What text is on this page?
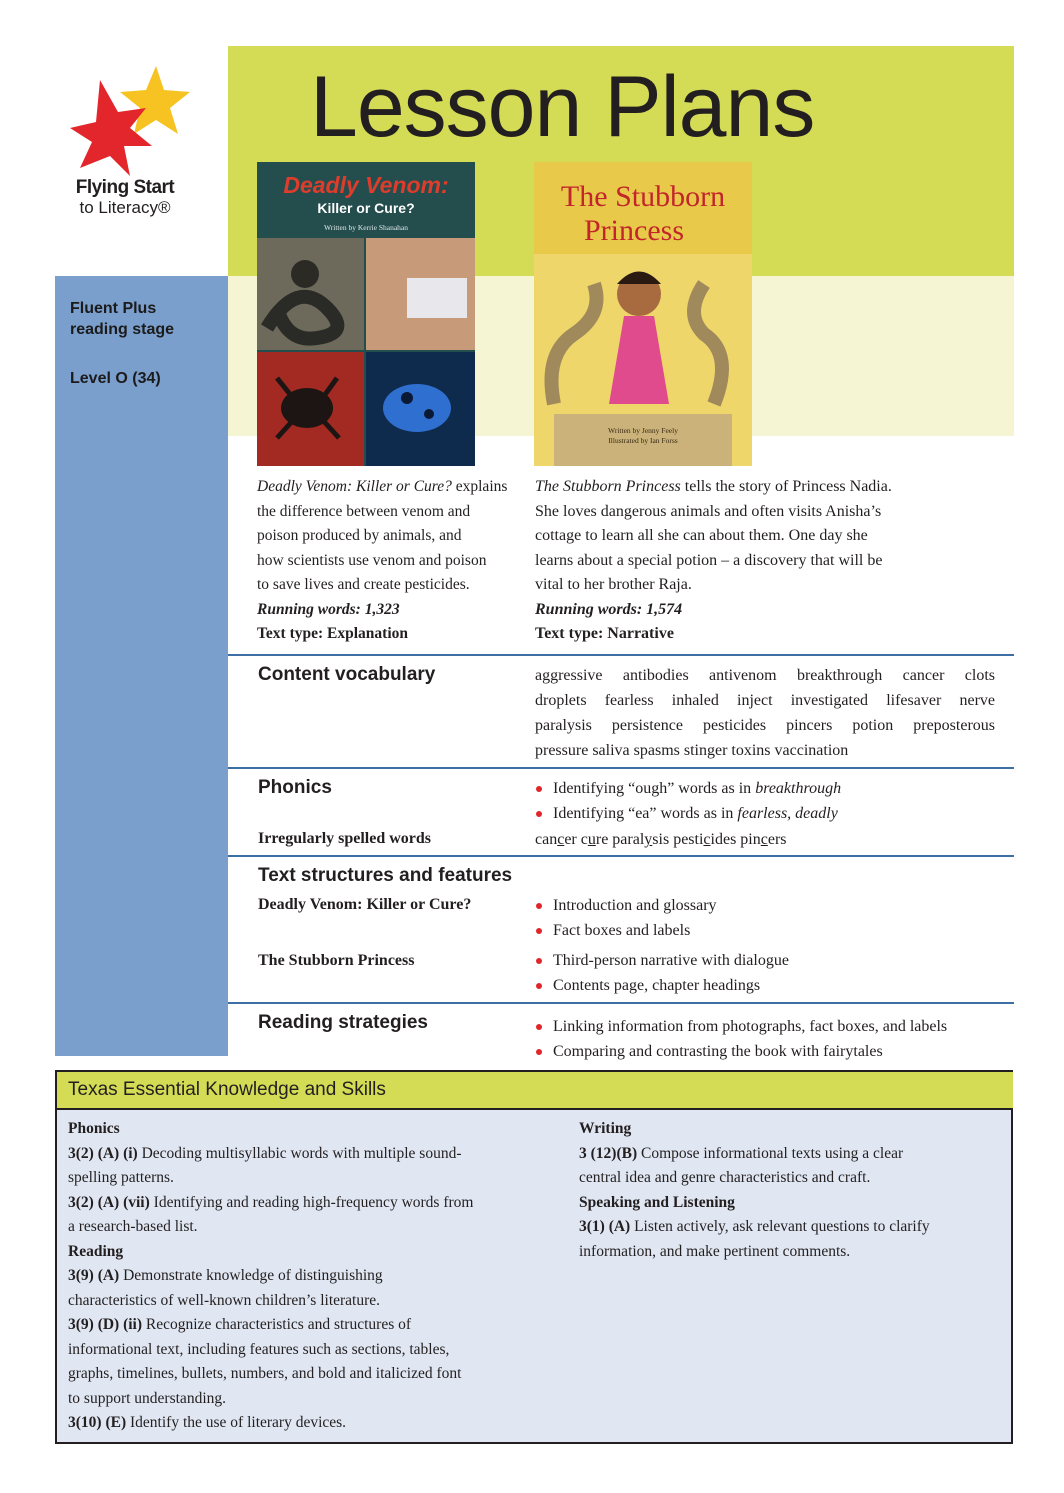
Lesson Plans
Flying Start
to Literacy®
Fluent Plus reading stage
Level O (34)
Deadly Venom:
Killer or Cure?
Written by Kerrie Shanahan
The Stubborn
Princess
Written by Jenny Feely
Illustrated by Ian Forss
Deadly Venom: Killer or Cure? explains
the difference between venom and
poison produced by animals, and
how scientists use venom and poison
to save lives and create pesticides.
Running words: 1,323
Text type: Explanation
The Stubborn Princess tells the story of Princess Nadia.
She loves dangerous animals and often visits Anisha’s
cottage to learn all she can about them. One day she
learns about a special potion – a discovery that will be
vital to her brother Raja.
Running words: 1,574
Text type: Narrative
Content vocabulary	aggressive antibodies antivenom breakthrough cancer clots
droplets fearless inhaled inject investigated lifesaver nerve
paralysis persistence pesticides pincers potion preposterous
pressure saliva spasms stinger toxins vaccination
Phonics	Identifying “ough” words as in breakthrough
Identifying “ea” words as in fearless, deadly
Irregularly spelled words	cancer cure paralysis pesticides pincers
Text structures and features
Deadly Venom: Killer or Cure?	Introduction and glossary
Fact boxes and labels
The Stubborn Princess	Third-person narrative with dialogue
Contents page, chapter headings
Reading strategies	Linking information from photographs, fact boxes, and labels
Comparing and contrasting the book with fairytales
Texas Essential Knowledge and Skills
Phonics
3(2) (A) (i) Decoding multisyllabic words with multiple sound-
spelling patterns.
3(2) (A) (vii) Identifying and reading high-frequency words from
a research-based list.
Reading
3(9) (A) Demonstrate knowledge of distinguishing
characteristics of well-known children’s literature.
3(9) (D) (ii) Recognize characteristics and structures of
informational text, including features such as sections, tables,
graphs, timelines, bullets, numbers, and bold and italicized font
to support understanding.
3(10) (E) Identify the use of literary devices.
Writing
3 (12)(B) Compose informational texts using a clear
central idea and genre characteristics and craft.
Speaking and Listening
3(1) (A) Listen actively, ask relevant questions to clarify
information, and make pertinent comments.
